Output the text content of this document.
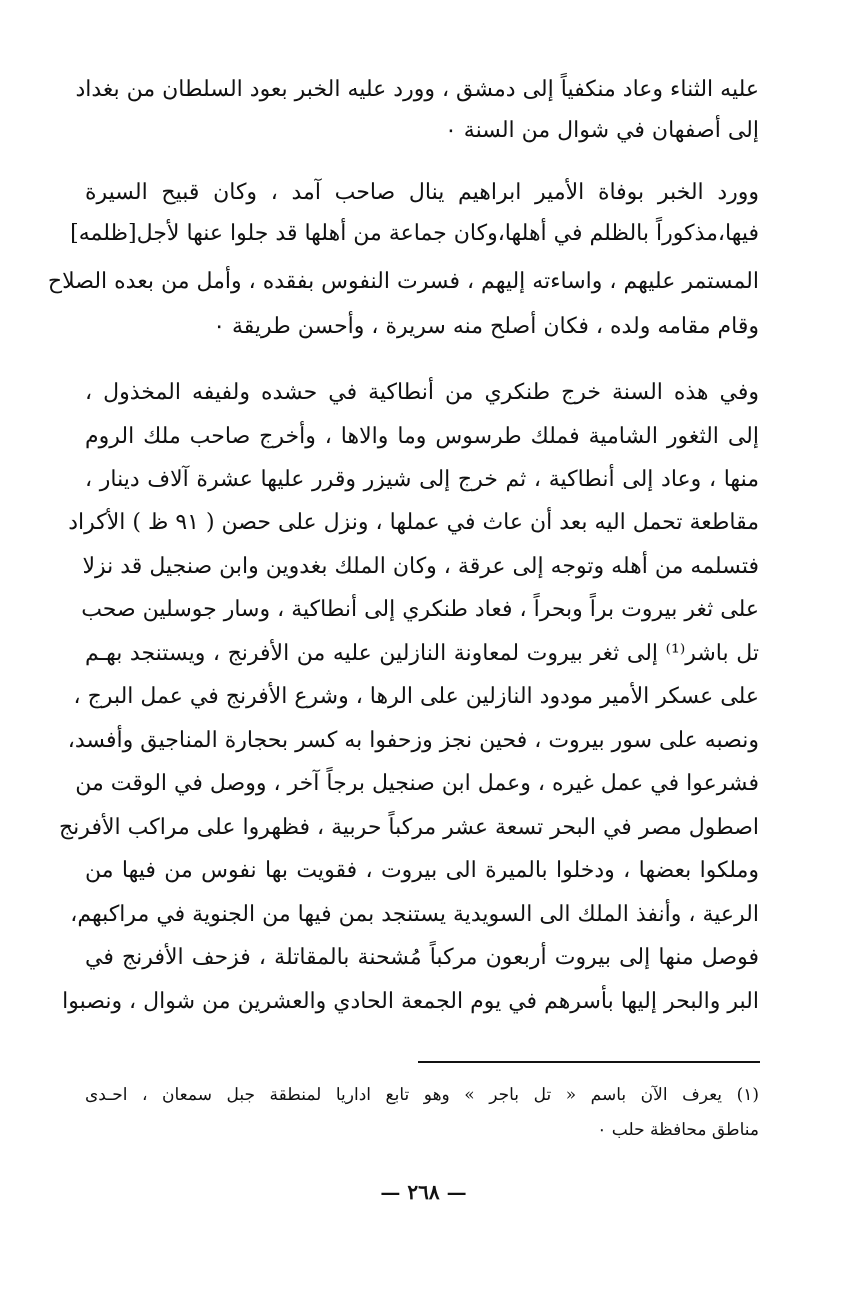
عليه الثناء وعاد منكفياً إلى دمشق ، وورد عليه الخبر بعود السلطان من بغداد
إلى أصفهان في شوال من السنة ٠
وورد الخبر بوفاة الأمير ابراهيم ينال صاحب آمد ، وكان قبيح السيرة
فيها،مذكوراً بالظلم في أهلها،وكان جماعة من أهلها قد جلوا عنها لأجل[ظلمه]
المستمر عليهم ، واساءته إليهم ، فسرت النفوس بفقده ، وأمل من بعده الصلاح
وقام مقامه ولده ، فكان أصلح منه سريرة ، وأحسن طريقة ٠
وفي هذه السنة خرج طنكري من أنطاكية في حشده ولفيفه المخذول ،
إلى الثغور الشامية فملك طرسوس وما والاها ، وأخرج صاحب ملك الروم
منها ، وعاد إلى أنطاكية ، ثم خرج إلى شيزر وقرر عليها عشرة آلاف دينار ،
مقاطعة تحمل اليه بعد أن عاث في عملها ، ونزل على حصن ( ٩١ ظ ) الأكراد
فتسلمه من أهله وتوجه إلى عرقة ، وكان الملك بغدوين وابن صنجيل قد نزلا
على ثغر بيروت براً وبحراً ، فعاد طنكري إلى أنطاكية ، وسار جوسلين صحب
تل باشر⁽¹⁾ إلى ثغر بيروت لمعاونة النازلين عليه من الأفرنج ، ويستنجد بهـم
على عسكر الأمير مودود النازلين على الرها ، وشرع الأفرنج في عمل البرج ،
ونصبه على سور بيروت ، فحين نجز وزحفوا به كسر بحجارة المناجيق وأفسد،
فشرعوا في عمل غيره ، وعمل ابن صنجيل برجاً آخر ، ووصل في الوقت من
اصطول مصر في البحر تسعة عشر مركباً حربية ، فظهروا على مراكب الأفرنج
وملكوا بعضها ، ودخلوا بالميرة الى بيروت ، فقويت بها نفوس من فيها من
الرعية ، وأنفذ الملك الى السويدية يستنجد بمن فيها من الجنوية في مراكبهم،
فوصل منها إلى بيروت أربعون مركباً مُشحنة بالمقاتلة ، فزحف الأفرنج في
البر والبحر إليها بأسرهم في يوم الجمعة الحادي والعشرين من شوال ، ونصبوا
(١) يعرف الآن باسم « تل باجر » وهو تابع اداريا لمنطقة جبل سمعان ، احـدى
مناطق محافظة حلب ٠
— ٢٦٨ —
